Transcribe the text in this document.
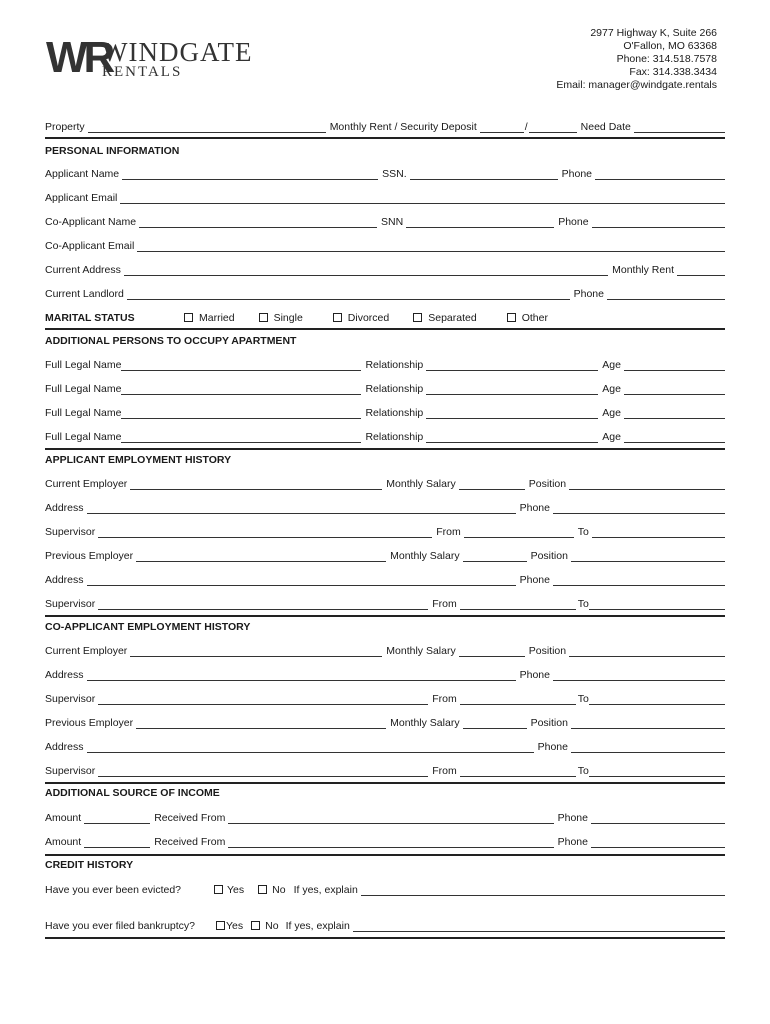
WR
WINDGATE
RENTALS
2977 Highway K, Suite 266
O'Fallon, MO 63368
Phone: 314.518.7578
Fax: 314.338.3434
Email: manager@windgate.rentals
Property	Monthly Rent / Security Deposit	/	Need Date
PERSONAL INFORMATION
Applicant Name	SSN.	Phone
Applicant Email
Co-Applicant Name	SNN	Phone
Co-Applicant Email
Current Address	Monthly Rent
Current Landlord	Phone
MARITAL STATUS	Married	Single	Divorced	Separated	Other
ADDITIONAL PERSONS TO OCCUPY APARTMENT
Full Legal Name	Relationship	Age
Full Legal Name	Relationship	Age
Full Legal Name	Relationship	Age
Full Legal Name	Relationship	Age
APPLICANT EMPLOYMENT HISTORY
Current Employer	Monthly Salary	Position
Address	Phone
Supervisor	From	To
Previous Employer	Monthly Salary	Position
Address	Phone
Supervisor	From	To
CO-APPLICANT EMPLOYMENT HISTORY
Current Employer	Monthly Salary	Position
Address	Phone
Supervisor	From	To
Previous Employer	Monthly Salary	Position
Address	Phone
Supervisor	From	To
ADDITIONAL SOURCE OF INCOME
Amount	Received From	Phone
Amount	Received From	Phone
CREDIT HISTORY
Have you ever been evicted?	Yes	No If yes, explain
Have you ever filed bankruptcy?	Yes No If yes, explain
